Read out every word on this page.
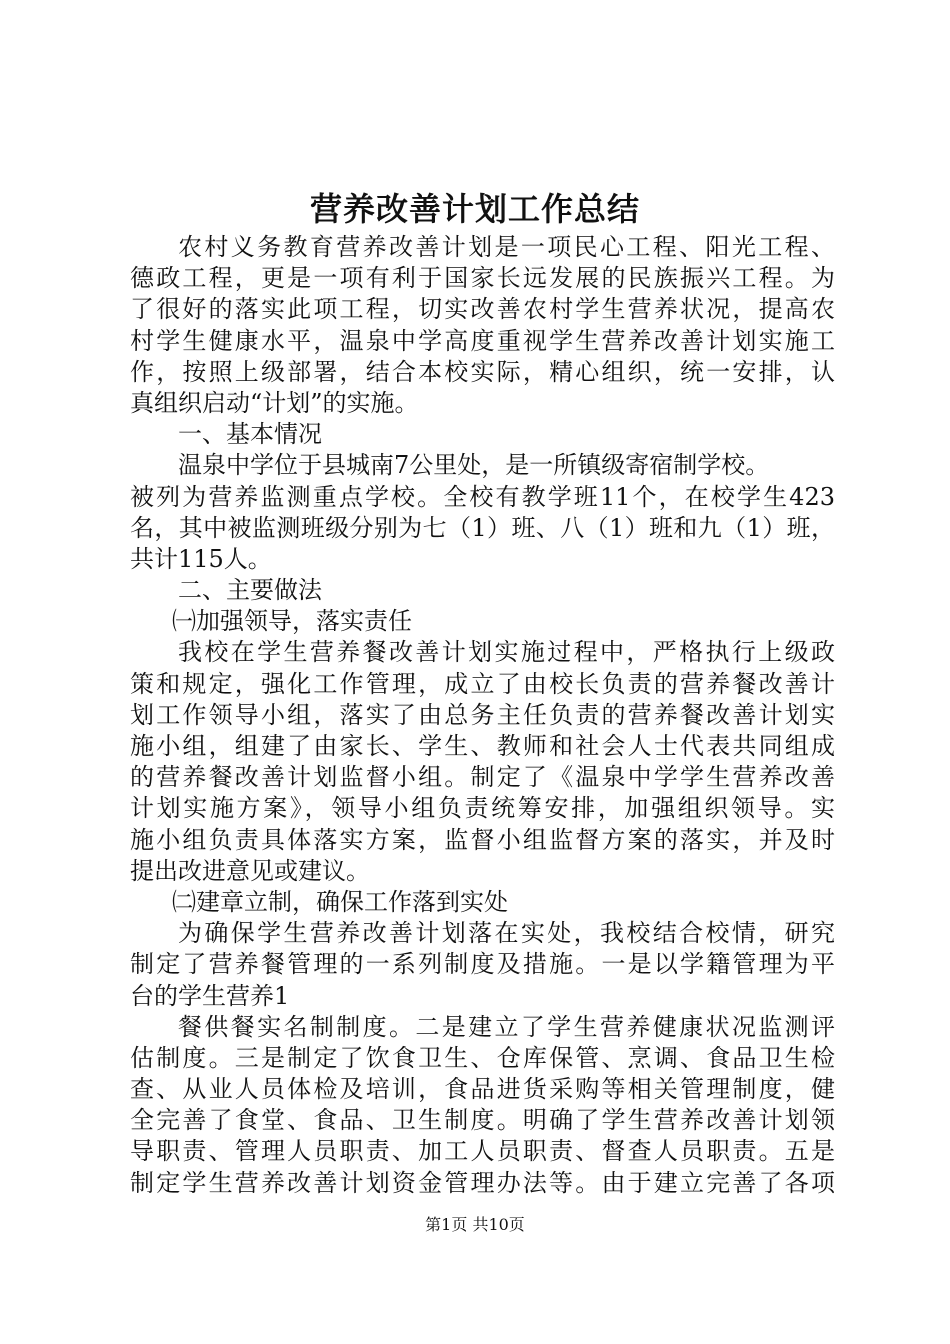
营养改善计划工作总结
农村义务教育营养改善计划是一项民心工程、阳光工程、
德政工程，更是一项有利于国家长远发展的民族振兴工程。为
了很好的落实此项工程，切实改善农村学生营养状况，提高农
村学生健康水平，温泉中学高度重视学生营养改善计划实施工
作，按照上级部署，结合本校实际，精心组织，统一安排，认
真组织启动“计划”的实施。
一、基本情况
温泉中学位于县城南7公里处，是一所镇级寄宿制学校。
被列为营养监测重点学校。全校有教学班11个，在校学生423
名，其中被监测班级分别为七（1）班、八（1）班和九（1）班，
共计115人。
二、主要做法
㈠加强领导，落实责任
我校在学生营养餐改善计划实施过程中，严格执行上级政
策和规定，强化工作管理，成立了由校长负责的营养餐改善计
划工作领导小组，落实了由总务主任负责的营养餐改善计划实
施小组，组建了由家长、学生、教师和社会人士代表共同组成
的营养餐改善计划监督小组。制定了《温泉中学学生营养改善
计划实施方案》，领导小组负责统筹安排，加强组织领导。实
施小组负责具体落实方案，监督小组监督方案的落实，并及时
提出改进意见或建议。
㈡建章立制，确保工作落到实处
为确保学生营养改善计划落在实处，我校结合校情，研究
制定了营养餐管理的一系列制度及措施。一是以学籍管理为平
台的学生营养1
餐供餐实名制制度。二是建立了学生营养健康状况监测评
估制度。三是制定了饮食卫生、仓库保管、烹调、食品卫生检
查、从业人员体检及培训，食品进货采购等相关管理制度，健
全完善了食堂、食品、卫生制度。明确了学生营养改善计划领
导职责、管理人员职责、加工人员职责、督查人员职责。五是
制定学生营养改善计划资金管理办法等。由于建立完善了各项
第1页 共10页
